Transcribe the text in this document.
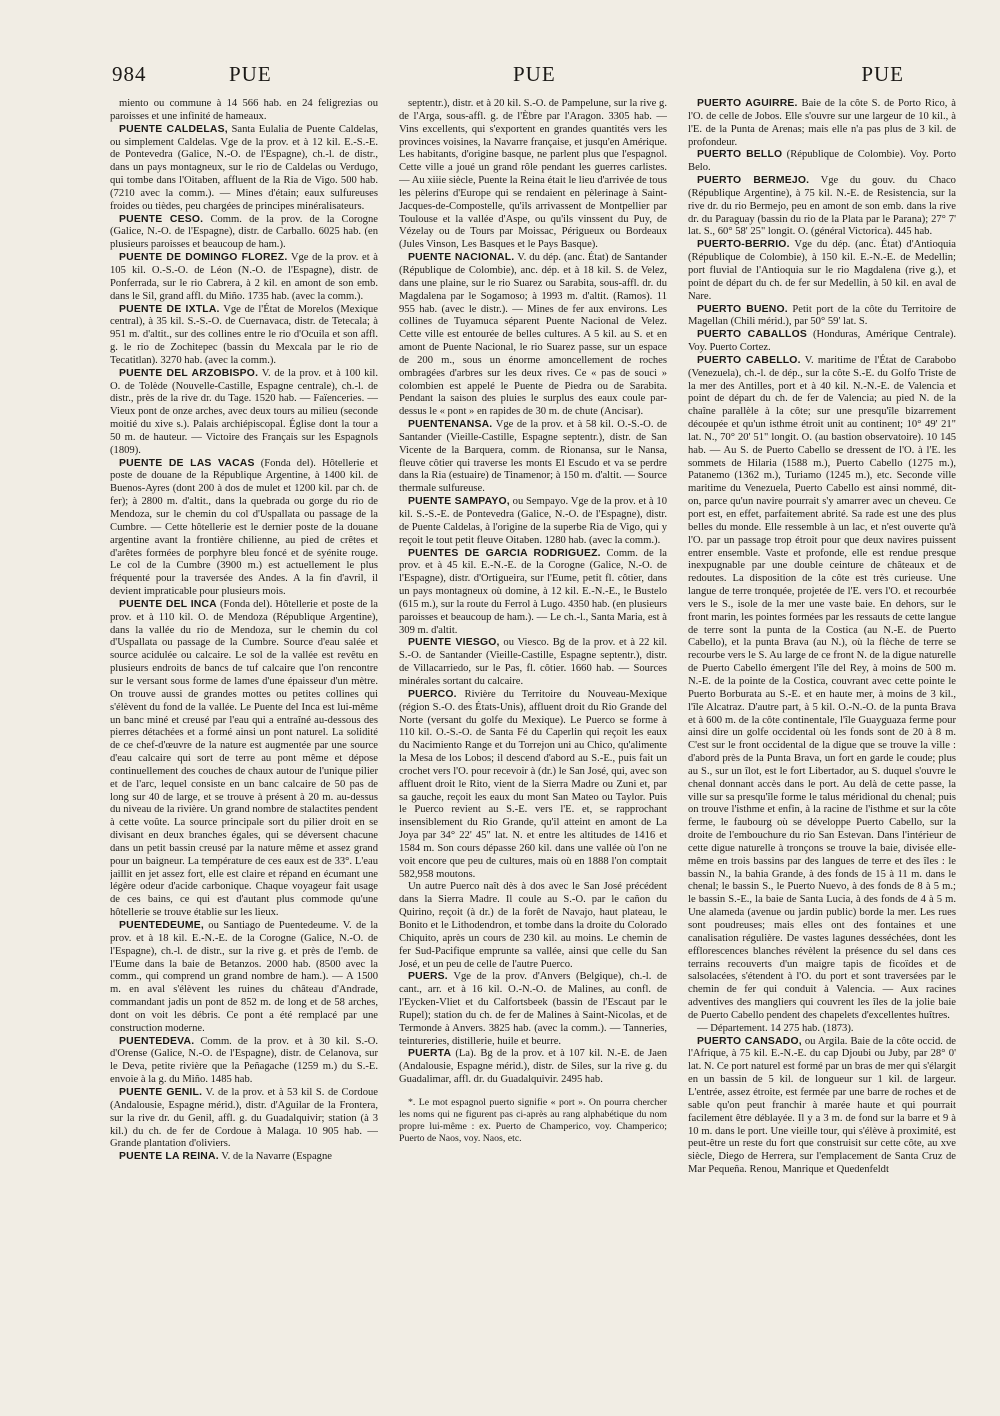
984	PUE	PUE	PUE

miento ou commune à 14 566 hab. en 24 feligrezias ou paroisses et une infinité de hameaux.

PUENTE CALDELAS, Santa Eulalia de Puente Caldelas, ou simplement Caldelas. Vge de la prov. et à 12 kil. E.-S.-E. de Pontevedra (Galice, N.-O. de l'Espagne), ch.-l. de distr., dans un pays montagneux, sur le rio de Caldelas ou Verdugo, qui tombe dans l'Oitaben, affluent de la Ria de Vigo. 500 hab. (7210 avec la comm.). — Mines d'étain; eaux sulfureuses froides ou tièdes, peu chargées de principes minéralisateurs.

PUENTE CESO. Comm. de la prov. de la Corogne (Galice, N.-O. de l'Espagne), distr. de Carballo. 6025 hab. (en plusieurs paroisses et beaucoup de ham.).

PUENTE DE DOMINGO FLOREZ. Vge de la prov. et à 105 kil. O.-S.-O. de Léon (N.-O. de l'Espagne), distr. de Ponferrada, sur le rio Cabrera, à 2 kil. en amont de son emb. dans le Sil, grand affl. du Miño. 1735 hab. (avec la comm.).

PUENTE DE IXTLA. Vge de l'État de Morelos (Mexique central), à 35 kil. S.-S.-O. de Cuernavaca, distr. de Tetecala; à 951 m. d'altit., sur des collines entre le rio d'Ocuila et son affl. g. le rio de Zochitepec (bassin du Mexcala par le rio de Tecatitlan). 3270 hab. (avec la comm.).

PUENTE DEL ARZOBISPO. V. de la prov. et à 100 kil. O. de Tolède (Nouvelle-Castille, Espagne centrale), ch.-l. de distr., près de la rive dr. du Tage. 1520 hab. — Faïenceries. — Vieux pont de onze arches, avec deux tours au milieu (seconde moitié du xive s.). Palais archiépiscopal. Église dont la tour a 50 m. de hauteur. — Victoire des Français sur les Espagnols (1809).

PUENTE DE LAS VACAS (Fonda del). Hôtellerie et poste de douane de la République Argentine, à 1400 kil. de Buenos-Ayres (dont 200 à dos de mulet et 1200 kil. par ch. de fer); à 2800 m. d'altit., dans la quebrada ou gorge du rio de Mendoza, sur le chemin du col d'Uspallata ou passage de la Cumbre. — Cette hôtellerie est le dernier poste de la douane argentine avant la frontière chilienne, au pied de crêtes et d'arêtes formées de porphyre bleu foncé et de syénite rouge. Le col de la Cumbre (3900 m.) est actuellement le plus fréquenté pour la traversée des Andes. A la fin d'avril, il devient impraticable pour plusieurs mois.

PUENTE DEL INCA (Fonda del). Hôtellerie et poste de la prov. et à 110 kil. O. de Mendoza (République Argentine), dans la vallée du rio de Mendoza, sur le chemin du col d'Uspallata ou passage de la Cumbre. Source d'eau salée et source acidulée ou calcaire. Le sol de la vallée est revêtu en plusieurs endroits de bancs de tuf calcaire que l'on rencontre sur le versant sous forme de lames d'une épaisseur d'un mètre. On trouve aussi de grandes mottes ou petites collines qui s'élèvent du fond de la vallée. Le Puente del Inca est lui-même un banc miné et creusé par l'eau qui a entraîné au-dessous des pierres détachées et a formé ainsi un pont naturel. La solidité de ce chef-d'œuvre de la nature est augmentée par une source d'eau calcaire qui sort de terre au pont même et dépose continuellement des couches de chaux autour de l'unique pilier et de l'arc, lequel consiste en un banc calcaire de 50 pas de long sur 40 de large, et se trouve à présent à 20 m. au-dessus du niveau de la rivière. Un grand nombre de stalactites pendent à cette voûte. La source principale sort du pilier droit en se divisant en deux branches égales, qui se déversent chacune dans un petit bassin creusé par la nature même et assez grand pour un baigneur. La température de ces eaux est de 33°. L'eau jaillit en jet assez fort, elle est claire et répand en écumant une légère odeur d'acide carbonique. Chaque voyageur fait usage de ces bains, ce qui est d'autant plus commode qu'une hôtellerie se trouve établie sur les lieux.

PUENTEDEUME, ou Santiago de Puentedeume. V. de la prov. et à 18 kil. E.-N.-E. de la Corogne (Galice, N.-O. de l'Espagne), ch.-l. de distr., sur la rive g. et près de l'emb. de l'Eume dans la baie de Betanzos. 2000 hab. (8500 avec la comm., qui comprend un grand nombre de ham.). — A 1500 m. en aval s'élèvent les ruines du château d'Andrade, commandant jadis un pont de 852 m. de long et de 58 arches, dont on voit les débris. Ce pont a été remplacé par une construction moderne.

PUENTEDEVA. Comm. de la prov. et à 30 kil. S.-O. d'Orense (Galice, N.-O. de l'Espagne), distr. de Celanova, sur le Deva, petite rivière que la Peñagache (1259 m.) du S.-E. envoie à la g. du Miño. 1485 hab.

PUENTE GENIL. V. de la prov. et à 53 kil S. de Cordoue (Andalousie, Espagne mérid.), distr. d'Aguilar de la Frontera, sur la rive dr. du Genil, affl. g. du Guadalquivir; station (à 3 kil.) du ch. de fer de Cordoue à Malaga. 10 905 hab. — Grande plantation d'oliviers.

PUENTE LA REINA. V. de la Navarre (Espagne

septentr.), distr. et à 20 kil. S.-O. de Pampelune, sur la rive g. de l'Arga, sous-affl. g. de l'Èbre par l'Aragon. 3305 hab. — Vins excellents, qui s'exportent en grandes quantités vers les provinces voisines, la Navarre française, et jusqu'en Amérique. Les habitants, d'origine basque, ne parlent plus que l'espagnol. Cette ville a joué un grand rôle pendant les guerres carlistes. — Au xiiie siècle, Puente la Reina était le lieu d'arrivée de tous les pèlerins d'Europe qui se rendaient en pèlerinage à Saint-Jacques-de-Compostelle, qu'ils arrivassent de Montpellier par Toulouse et la vallée d'Aspe, ou qu'ils vinssent du Puy, de Vézelay ou de Tours par Moissac, Périgueux ou Bordeaux (Jules Vinson, Les Basques et le Pays Basque).

PUENTE NACIONAL. V. du dép. (anc. État) de Santander (République de Colombie), anc. dép. et à 18 kil. S. de Velez, dans une plaine, sur le rio Suarez ou Sarabita, sous-affl. dr. du Magdalena par le Sogamoso; à 1993 m. d'altit. (Ramos). 11 955 hab. (avec le distr.). — Mines de fer aux environs. Les collines de Tuyamuca séparent Puente Nacional de Velez. Cette ville est entourée de belles cultures. A 5 kil. au S. et en amont de Puente Nacional, le rio Suarez passe, sur un espace de 200 m., sous un énorme amoncellement de roches ombragées d'arbres sur les deux rives. Ce « pas de souci » colombien est appelé le Puente de Piedra ou de Sarabita. Pendant la saison des pluies le surplus des eaux coule par-dessus le « pont » en rapides de 30 m. de chute (Ancisar).

PUENTENANSA. Vge de la prov. et à 58 kil. O.-S.-O. de Santander (Vieille-Castille, Espagne septentr.), distr. de San Vicente de la Barquera, comm. de Rionansa, sur le Nansa, fleuve côtier qui traverse les monts El Escudo et va se perdre dans la Ria (estuaire) de Tinamenor; à 150 m. d'altit. — Source thermale sulfureuse.

PUENTE SAMPAYO, ou Sempayo. Vge de la prov. et à 10 kil. S.-S.-E. de Pontevedra (Galice, N.-O. de l'Espagne), distr. de Puente Caldelas, à l'origine de la superbe Ria de Vigo, qui y reçoit le tout petit fleuve Oitaben. 1280 hab. (avec la comm.).

PUENTES DE GARCIA RODRIGUEZ. Comm. de la prov. et à 45 kil. E.-N.-E. de la Corogne (Galice, N.-O. de l'Espagne), distr. d'Ortigueira, sur l'Eume, petit fl. côtier, dans un pays montagneux où domine, à 12 kil. E.-N.-E., le Bustelo (615 m.), sur la route du Ferrol à Lugo. 4350 hab. (en plusieurs paroisses et beaucoup de ham.). — Le ch.-l., Santa Maria, est à 309 m. d'altit.

PUENTE VIESGO, ou Viesco. Bg de la prov. et à 22 kil. S.-O. de Santander (Vieille-Castille, Espagne septentr.), distr. de Villacarriedo, sur le Pas, fl. côtier. 1660 hab. — Sources minérales sortant du calcaire.

PUERCO. Rivière du Territoire du Nouveau-Mexique (région S.-O. des États-Unis), affluent droit du Rio Grande del Norte (versant du golfe du Mexique). Le Puerco se forme à 110 kil. O.-S.-O. de Santa Fé du Caperlin qui reçoit les eaux du Nacimiento Range et du Torrejon uni au Chico, qu'alimente la Mesa de los Lobos; il descend d'abord au S.-E., puis fait un crochet vers l'O. pour recevoir à (dr.) le San José, qui, avec son affluent droit le Rito, vient de la Sierra Madre ou Zuni et, par sa gauche, reçoit les eaux du mont San Mateo ou Taylor. Puis le Puerco revient au S.-E. vers l'E. et, se rapprochant insensiblement du Rio Grande, qu'il atteint en amont de La Joya par 34° 22' 45" lat. N. et entre les altitudes de 1416 et 1584 m. Son cours dépasse 260 kil. dans une vallée où l'on ne voit encore que peu de cultures, mais où en 1888 l'on comptait 582,958 moutons.

Un autre Puerco naît dès à dos avec le San José précédent dans la Sierra Madre. Il coule au S.-O. par le cañon du Quirino, reçoit (à dr.) de la forêt de Navajo, haut plateau, le Bonito et le Lithodendron, et tombe dans la droite du Colorado Chiquito, après un cours de 230 kil. au moins. Le chemin de fer Sud-Pacifique emprunte sa vallée, ainsi que celle du San José, et un peu de celle de l'autre Puerco.

PUERS. Vge de la prov. d'Anvers (Belgique), ch.-l. de cant., arr. et à 16 kil. O.-N.-O. de Malines, au confl. de l'Eycken-Vliet et du Calfortsbeek (bassin de l'Escaut par le Rupel); station du ch. de fer de Malines à Saint-Nicolas, et de Termonde à Anvers. 3825 hab. (avec la comm.). — Tanneries, teintureries, distillerie, huile et beurre.

PUERTA (La). Bg de la prov. et à 107 kil. N.-E. de Jaen (Andalousie, Espagne mérid.), distr. de Siles, sur la rive g. du Guadalimar, affl. dr. du Guadalquivir. 2495 hab.

*. Le mot espagnol puerto signifie « port ». On pourra chercher les noms qui ne figurent pas ci-après au rang alphabétique du nom propre lui-même : ex. Puerto de Champerico, voy. Champerico; Puerto de Naos, voy. Naos, etc.

PUERTO AGUIRRE. Baie de la côte S. de Porto Rico, à l'O. de celle de Jobos. Elle s'ouvre sur une largeur de 10 kil., à l'E. de la Punta de Arenas; mais elle n'a pas plus de 3 kil. de profondeur.

PUERTO BELLO (République de Colombie). Voy. Porto Belo.

PUERTO BERMEJO. Vge du gouv. du Chaco (République Argentine), à 75 kil. N.-E. de Resistencia, sur la rive dr. du rio Bermejo, peu en amont de son emb. dans la rive dr. du Paraguay (bassin du rio de la Plata par le Parana); 27° 7' lat. S., 60° 58' 25" longit. O. (général Victorica). 445 hab.

PUERTO-BERRIO. Vge du dép. (anc. État) d'Antioquia (République de Colombie), à 150 kil. E.-N.-E. de Medellin; port fluvial de l'Antioquia sur le rio Magdalena (rive g.), et point de départ du ch. de fer sur Medellin, à 50 kil. en aval de Nare.

PUERTO BUENO. Petit port de la côte du Territoire de Magellan (Chili mérid.), par 50° 59' lat. S.

PUERTO CABALLOS (Honduras, Amérique Centrale). Voy. Puerto Cortez.

PUERTO CABELLO. V. maritime de l'État de Carabobo (Venezuela), ch.-l. de dép., sur la côte S.-E. du Golfo Triste de la mer des Antilles, port et à 40 kil. N.-N.-E. de Valencia et point de départ du ch. de fer de Valencia; au pied N. de la chaîne parallèle à la côte; sur une presqu'île bizarrement découpée et qu'un isthme étroit unit au continent; 10° 49' 21" lat. N., 70° 20' 51" longit. O. (au bastion observatoire). 10 145 hab. — Au S. de Puerto Cabello se dressent de l'O. à l'E. les sommets de Hilaria (1588 m.), Puerto Cabello (1275 m.), Patanemo (1362 m.), Turiamo (1245 m.), etc. Seconde ville maritime du Venezuela, Puerto Cabello est ainsi nommé, dit-on, parce qu'un navire pourrait s'y amarrer avec un cheveu. Ce port est, en effet, parfaitement abrité. Sa rade est une des plus belles du monde. Elle ressemble à un lac, et n'est ouverte qu'à l'O. par un passage trop étroit pour que deux navires puissent entrer ensemble. Vaste et profonde, elle est rendue presque inexpugnable par une double ceinture de châteaux et de redoutes. La disposition de la côte est très curieuse. Une langue de terre tronquée, projetée de l'E. vers l'O. et recourbée vers le S., isole de la mer une vaste baie. En dehors, sur le front marin, les pointes formées par les ressauts de cette langue de terre sont la punta de la Costica (au N.-E. de Puerto Cabello), et la punta Brava (au N.), où la flèche de terre se recourbe vers le S. Au large de ce front N. de la digue naturelle de Puerto Cabello émergent l'île del Rey, à moins de 500 m. N.-E. de la pointe de la Costica, couvrant avec cette pointe le Puerto Borburata au S.-E. et en haute mer, à moins de 3 kil., l'île Alcatraz. D'autre part, à 5 kil. O.-N.-O. de la punta Brava et à 600 m. de la côte continentale, l'île Guayguaza ferme pour ainsi dire un golfe occidental où les fonds sont de 20 à 8 m. C'est sur le front occidental de la digue que se trouve la ville : d'abord près de la Punta Brava, un fort en garde le coude; plus au S., sur un îlot, est le fort Libertador, au S. duquel s'ouvre le chenal donnant accès dans le port. Au delà de cette passe, la ville sur sa presqu'île forme le talus méridional du chenal; puis on trouve l'isthme et enfin, à la racine de l'isthme et sur la côte ferme, le faubourg où se développe Puerto Cabello, sur la droite de l'embouchure du rio San Estevan. Dans l'intérieur de cette digue naturelle à tronçons se trouve la baie, divisée elle-même en trois bassins par des langues de terre et des îles : le bassin N., la bahia Grande, à des fonds de 15 à 11 m. dans le chenal; le bassin S., le Puerto Nuevo, à des fonds de 8 à 5 m.; le bassin S.-E., la baie de Santa Lucia, à des fonds de 4 à 5 m. Une alameda (avenue ou jardin public) borde la mer. Les rues sont poudreuses; mais elles ont des fontaines et une canalisation régulière. De vastes lagunes desséchées, dont les efflorescences blanches révèlent la présence du sel dans ces terrains recouverts d'un maigre tapis de ficoïdes et de salsolacées, s'étendent à l'O. du port et sont traversées par le chemin de fer qui conduit à Valencia. — Aux racines adventives des mangliers qui couvrent les îles de la jolie baie de Puerto Cabello pendent des chapelets d'excellentes huîtres.

— Département. 14 275 hab. (1873).

PUERTO CANSADO, ou Argila. Baie de la côte occid. de l'Afrique, à 75 kil. E.-N.-E. du cap Djoubi ou Juby, par 28° 0' lat. N. Ce port naturel est formé par un bras de mer qui s'élargit en un bassin de 5 kil. de longueur sur 1 kil. de largeur. L'entrée, assez étroite, est fermée par une barre de roches et de sable qu'on peut franchir à marée haute et qui pourrait facilement être déblayée. Il y a 3 m. de fond sur la barre et 9 à 10 m. dans le port. Une vieille tour, qui s'élève à proximité, est peut-être un reste du fort que construisit sur cette côte, au xve siècle, Diego de Herrera, sur l'emplacement de Santa Cruz de Mar Pequeña. Renou, Manrique et Quedenfeldt
